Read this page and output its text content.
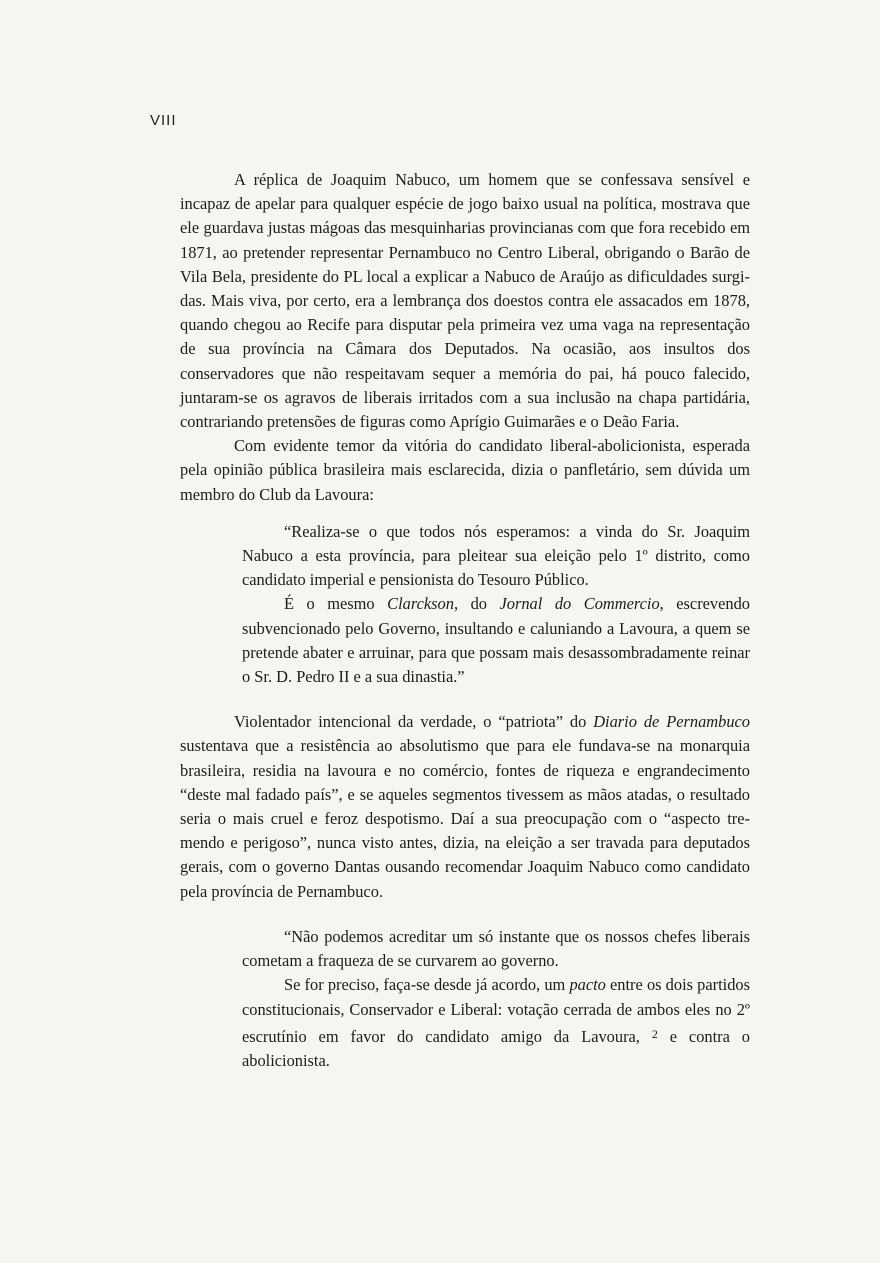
VIII

A réplica de Joaquim Nabuco, um homem que se confessava sensível e incapaz de apelar para qualquer espécie de jogo baixo usual na política, mostrava que ele guardava justas mágoas das mesquinharias provincianas com que fora recebido em 1871, ao pretender representar Pernambuco no Centro Liberal, obrigando o Barão de Vila Bela, presidente do PL local a explicar a Nabuco de Araújo as dificuldades surgidas. Mais viva, por certo, era a lembrança dos doestos contra ele assacados em 1878, quando chegou ao Recife para disputar pela primeira vez uma vaga na representação de sua província na Câmara dos Deputados. Na ocasião, aos insultos dos conservadores que não respeitavam sequer a memória do pai, há pouco falecido, juntaram-se os agravos de liberais irritados com a sua inclusão na chapa partidária, contrariando pretensões de figuras como Aprígio Guimarães e o Deão Faria.

Com evidente temor da vitória do candidato liberal-abolicionista, esperada pela opinião pública brasileira mais esclarecida, dizia o panfletário, sem dúvida um membro do Club da Lavoura:

“Realiza-se o que todos nós esperamos: a vinda do Sr. Joaquim Nabuco a esta província, para pleitear sua eleição pelo 1º distrito, como candidato imperial e pensionista do Tesouro Público.

É o mesmo Clarckson, do Jornal do Commercio, escrevendo subvencionado pelo Governo, insultando e caluniando a Lavoura, a quem se pretende abater e arruinar, para que possam mais desassombradamente reinar o Sr. D. Pedro II e a sua dinastia.”

Violentador intencional da verdade, o “patriota” do Diario de Pernambuco sustentava que a resistência ao absolutismo que para ele fundava-se na monarquia brasileira, residia na lavoura e no comércio, fontes de riqueza e engrandecimento “deste mal fadado país”, e se aqueles segmentos tivessem as mãos atadas, o resultado seria o mais cruel e feroz despotismo. Daí a sua preocupação com o “aspecto tremendo e perigoso”, nunca visto antes, dizia, na eleição a ser travada para deputados gerais, com o governo Dantas ousando recomendar Joaquim Nabuco como candidato pela província de Pernambuco.

“Não podemos acreditar um só instante que os nossos chefes liberais cometam a fraqueza de se curvarem ao governo.

Se for preciso, faça-se desde já acordo, um pacto entre os dois partidos constitucionais, Conservador e Liberal: votação cerrada de ambos eles no 2º escrutínio em favor do candidato amigo da Lavoura, $^2$ e contra o abolicionista.
